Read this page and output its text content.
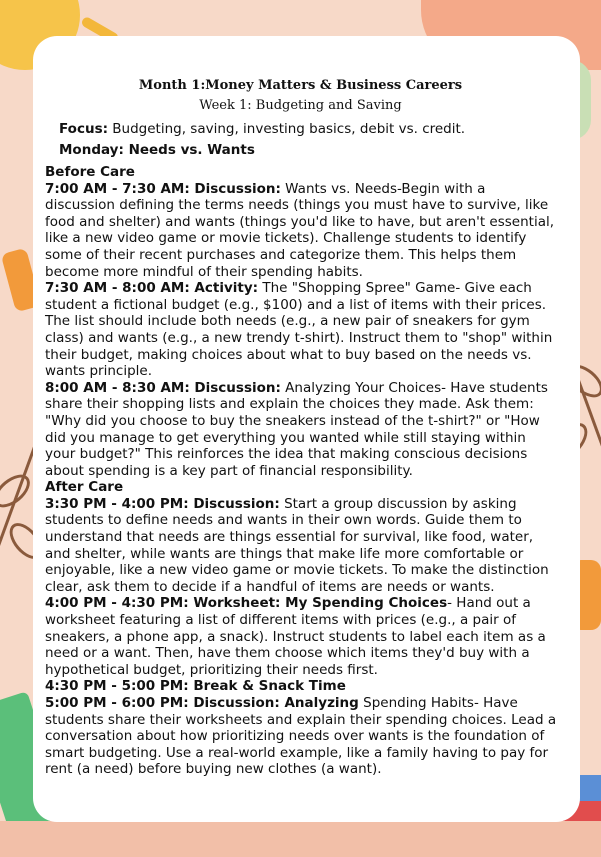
Month 1:Money Matters & Business Careers
Week 1: Budgeting and Saving
Focus: Budgeting, saving, investing basics, debit vs. credit.
Monday: Needs vs. Wants
Before Care
7:00 AM - 7:30 AM: Discussion: Wants vs. Needs-Begin with a discussion defining the terms needs (things you must have to survive, like food and shelter) and wants (things you'd like to have, but aren't essential, like a new video game or movie tickets). Challenge students to identify some of their recent purchases and categorize them. This helps them become more mindful of their spending habits.
7:30 AM - 8:00 AM: Activity: The "Shopping Spree" Game- Give each student a fictional budget (e.g., $100) and a list of items with their prices. The list should include both needs (e.g., a new pair of sneakers for gym class) and wants (e.g., a new trendy t-shirt). Instruct them to "shop" within their budget, making choices about what to buy based on the needs vs. wants principle.
8:00 AM - 8:30 AM: Discussion: Analyzing Your Choices- Have students share their shopping lists and explain the choices they made. Ask them: "Why did you choose to buy the sneakers instead of the t-shirt?" or "How did you manage to get everything you wanted while still staying within your budget?" This reinforces the idea that making conscious decisions about spending is a key part of financial responsibility.
After Care
3:30 PM - 4:00 PM: Discussion: Start a group discussion by asking students to define needs and wants in their own words. Guide them to understand that needs are things essential for survival, like food, water, and shelter, while wants are things that make life more comfortable or enjoyable, like a new video game or movie tickets. To make the distinction clear, ask them to decide if a handful of items are needs or wants.
4:00 PM - 4:30 PM: Worksheet: My Spending Choices- Hand out a worksheet featuring a list of different items with prices (e.g., a pair of sneakers, a phone app, a snack). Instruct students to label each item as a need or a want. Then, have them choose which items they'd buy with a hypothetical budget, prioritizing their needs first.
4:30 PM - 5:00 PM: Break & Snack Time
5:00 PM - 6:00 PM: Discussion: Analyzing Spending Habits- Have students share their worksheets and explain their spending choices. Lead a conversation about how prioritizing needs over wants is the foundation of smart budgeting. Use a real-world example, like a family having to pay for rent (a need) before buying new clothes (a want).
